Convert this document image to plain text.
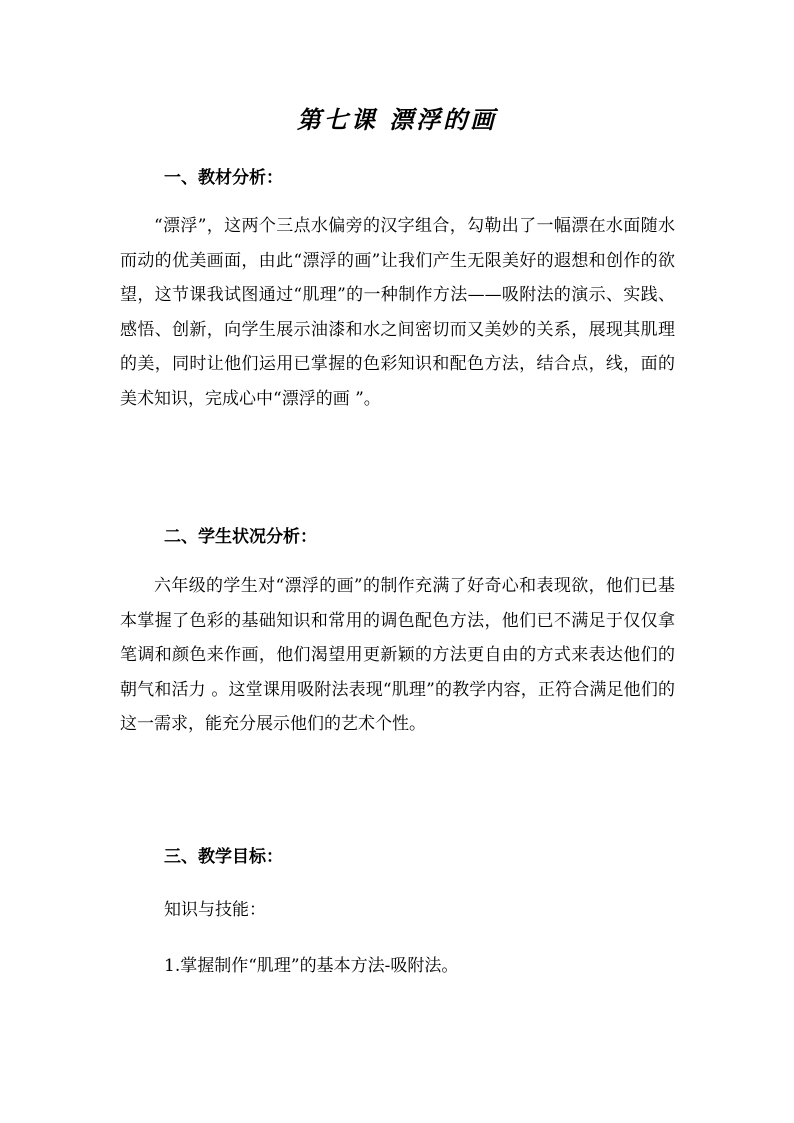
第七课 漂浮的画
一、教材分析：

“漂浮”，这两个三点水偏旁的汉字组合，勾勒出了一幅漂在水面随水而动的优美画面，由此“漂浮的画”让我们产生无限美好的遐想和创作的欲望，这节课我试图通过“肌理”的一种制作方法——吸附法的演示、实践、感悟、创新，向学生展示油漆和水之间密切而又美妙的关系，展现其肌理的美，同时让他们运用已掌握的色彩知识和配色方法，结合点，线，面的美术知识，完成心中“漂浮的画 ”。

二、学生状况分析：

六年级的学生对“漂浮的画”的制作充满了好奇心和表现欲，他们已基本掌握了色彩的基础知识和常用的调色配色方法，他们已不满足于仅仅拿笔调和颜色来作画，他们渴望用更新颖的方法更自由的方式来表达他们的朝气和活力 。这堂课用吸附法表现“肌理”的教学内容，正符合满足他们的这一需求，能充分展示他们的艺术个性。

三、教学目标：
知识与技能：
1.掌握制作“肌理”的基本方法-吸附法。
